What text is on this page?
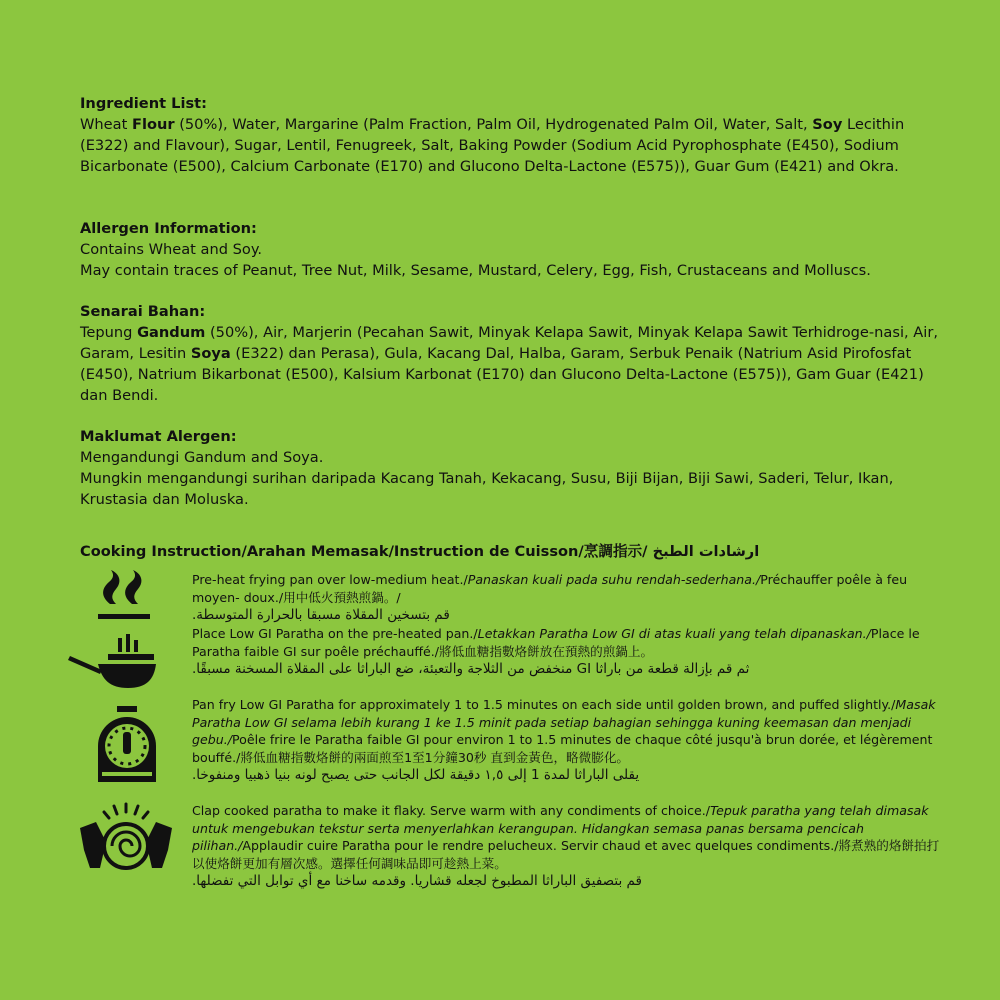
Ingredient List:

Wheat Flour (50%), Water, Margarine (Palm Fraction, Palm Oil, Hydrogenated Palm Oil, Water, Salt, Soy Lecithin (E322) and Flavour), Sugar, Lentil, Fenugreek, Salt, Baking Powder (Sodium Acid Pyrophosphate (E450), Sodium Bicarbonate (E500), Calcium Carbonate (E170) and Glucono Delta-Lactone (E575)), Guar Gum (E421) and Okra.

Allergen Information:
Contains Wheat and Soy.
May contain traces of Peanut, Tree Nut, Milk, Sesame, Mustard, Celery, Egg, Fish, Crustaceans and Molluscs.
Senarai Bahan:

Tepung Gandum (50%), Air, Marjerin (Pecahan Sawit, Minyak Kelapa Sawit, Minyak Kelapa Sawit Terhidroge-nasi, Air, Garam, Lesitin Soya (E322) dan Perasa), Gula, Kacang Dal, Halba, Garam, Serbuk Penaik (Natrium Asid Pirofosfat (E450), Natrium Bikarbonat (E500), Kalsium Karbonat (E170) dan Glucono Delta-Lactone (E575)), Gam Guar (E421) dan Bendi.

Maklumat Alergen:
Mengandungi Gandum and Soya.
Mungkin mengandungi surihan daripada Kacang Tanah, Kekacang, Susu, Biji Bijan, Biji Sawi, Saderi, Telur, Ikan, Krustasia dan Moluska.
Cooking Instruction/Arahan Memasak/Instruction de Cuisson/烹調指示/ ارشادات الطبخ
Pre-heat frying pan over low-medium heat./Panaskan kuali pada suhu rendah-sederhana./Préchauffer poêle à feu moyen- doux./用中低火預熱煎鍋。/
قم بتسخين المقلاة مسبقا بالحرارة المتوسطة.
Place Low GI Paratha on the pre-heated pan./Letakkan Paratha Low GI di atas kuali yang telah dipanaskan./Place le Paratha faible GI sur poêle préchauffé./將低血糖指數烙餅放在預熱的煎鍋上。
ثم قم بإزالة قطعة من باراثا GI منخفض من الثلاجة والتعبئة، ضع الباراثا على المقلاة المسخنة مسبقًا.
Pan fry Low GI Paratha for approximately 1 to 1.5 minutes on each side until golden brown, and puffed slightly./Masak Paratha Low GI selama lebih kurang 1 ke 1.5 minit pada setiap bahagian sehingga kuning keemasan dan menjadi gebu./Poêle frire le Paratha faible GI pour environ 1 to 1.5 minutes de chaque côté jusqu'à brun dorée, et légèrement bouffé./將低血糖指數烙餅的兩面煎至1至1分鐘30秒 直到金黃色，略微膨化。
يقلى الباراثا لمدة 1 إلى ١,٥ دقيقة لكل الجانب حتى يصبح لونه بنيا ذهبيا ومنفوخا.
Clap cooked paratha to make it flaky. Serve warm with any condiments of choice./Tepuk paratha yang telah dimasak untuk mengebukan tekstur serta menyerlahkan kerangupan. Hidangkan semasa panas bersama pencicah pilihan./Applaudir cuire Paratha pour le rendre pelucheux. Servir chaud et avec quelques condiments./將煮熟的烙餅拍打以使烙餅更加有層次感。選擇任何調味品即可趁熱上菜。
قم بتصفيق الباراثا المطبوخ لجعله قشاريا. وقدمه ساخنا مع أي توابل التي تفضلها.
